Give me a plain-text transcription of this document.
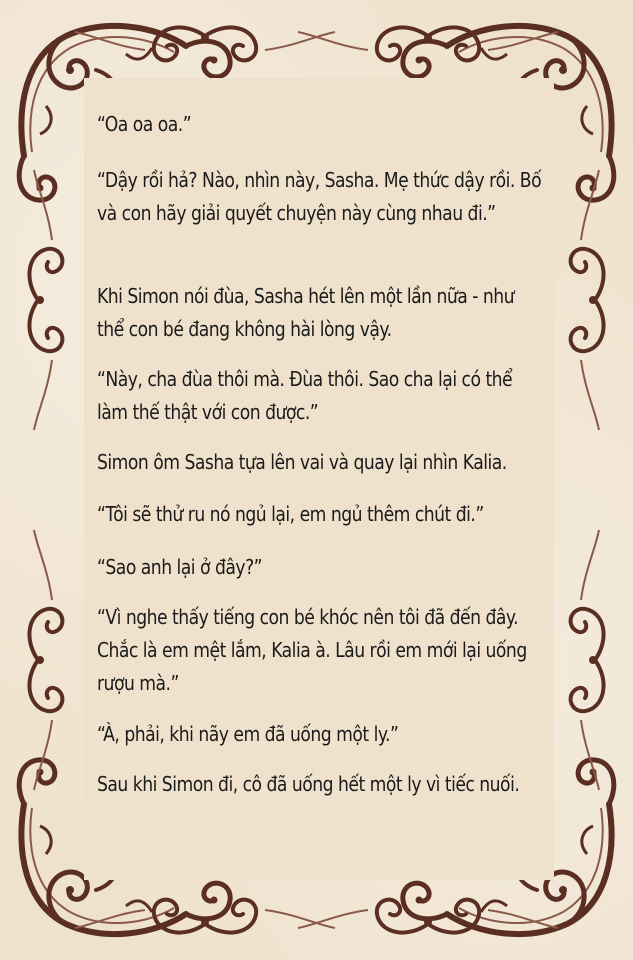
“Oa oa oa.”

“Dậy rồi hả? Nào, nhìn này, Sasha. Mẹ thức dậy rồi. Bố và con hãy giải quyết chuyện này cùng nhau đi.”

Khi Simon nói đùa, Sasha hét lên một lần nữa - như thể con bé đang không hài lòng vậy.

“Này, cha đùa thôi mà. Đùa thôi. Sao cha lại có thể làm thế thật với con được.”

Simon ôm Sasha tựa lên vai và quay lại nhìn Kalia.

“Tôi sẽ thử ru nó ngủ lại, em ngủ thêm chút đi.”

“Sao anh lại ở đây?”

“Vì nghe thấy tiếng con bé khóc nên tôi đã đến đây. Chắc là em mệt lắm, Kalia à. Lâu rồi em mới lại uống rượu mà.”

“À, phải, khi nãy em đã uống một ly.”

Sau khi Simon đi, cô đã uống hết một ly vì tiếc nuối.
